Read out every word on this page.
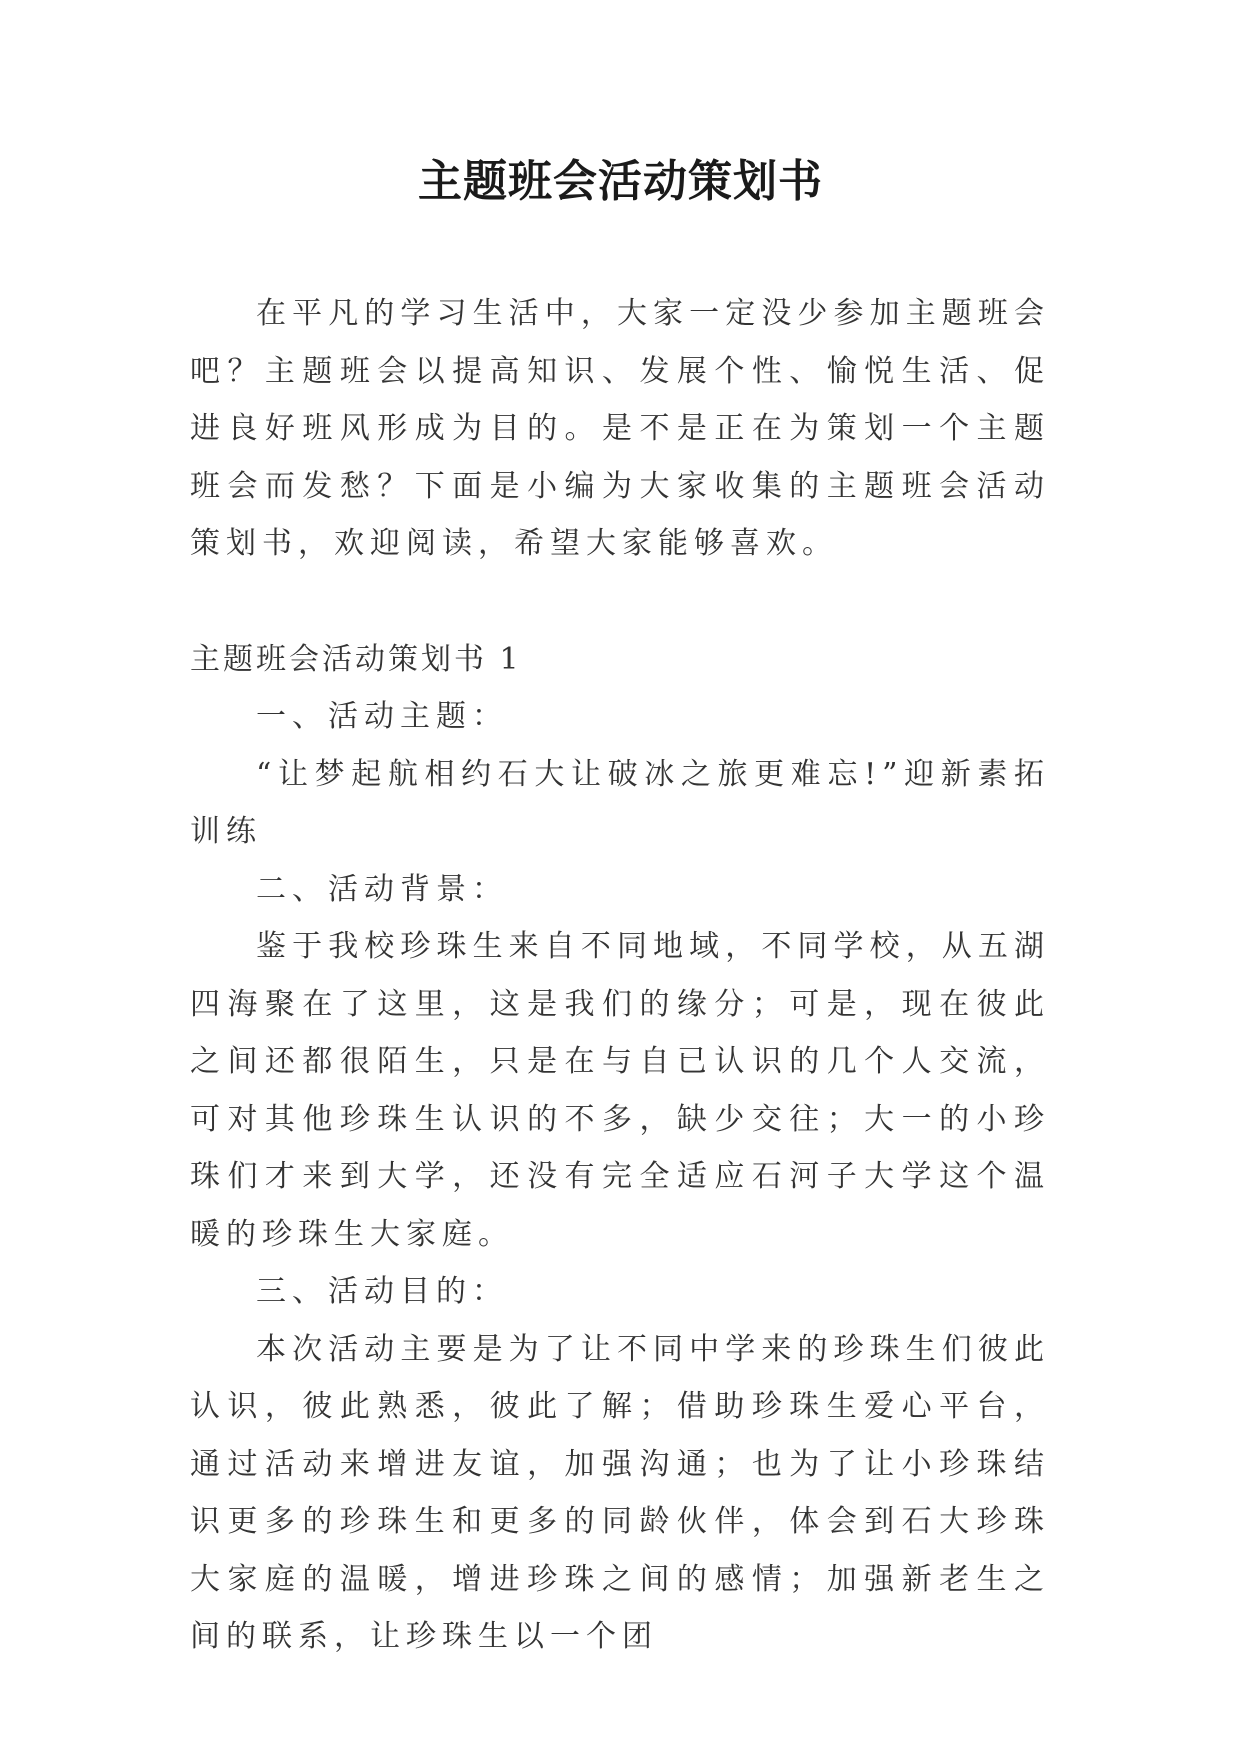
主题班会活动策划书

在平凡的学习生活中，大家一定没少参加主题班会吧？主题班会以提高知识、发展个性、愉悦生活、促进良好班风形成为目的。是不是正在为策划一个主题班会而发愁？下面是小编为大家收集的主题班会活动策划书，欢迎阅读，希望大家能够喜欢。

主题班会活动策划书 1

一、活动主题：

“让梦起航相约石大让破冰之旅更难忘!”迎新素拓训练

二、活动背景：

鉴于我校珍珠生来自不同地域，不同学校，从五湖四海聚在了这里，这是我们的缘分；可是，现在彼此之间还都很陌生，只是在与自已认识的几个人交流，可对其他珍珠生认识的不多，缺少交往；大一的小珍珠们才来到大学，还没有完全适应石河子大学这个温暖的珍珠生大家庭。

三、活动目的：

本次活动主要是为了让不同中学来的珍珠生们彼此认识，彼此熟悉，彼此了解；借助珍珠生爱心平台，通过活动来增进友谊，加强沟通；也为了让小珍珠结识更多的珍珠生和更多的同龄伙伴，体会到石大珍珠大家庭的温暖，增进珍珠之间的感情；加强新老生之间的联系，让珍珠生以一个团
